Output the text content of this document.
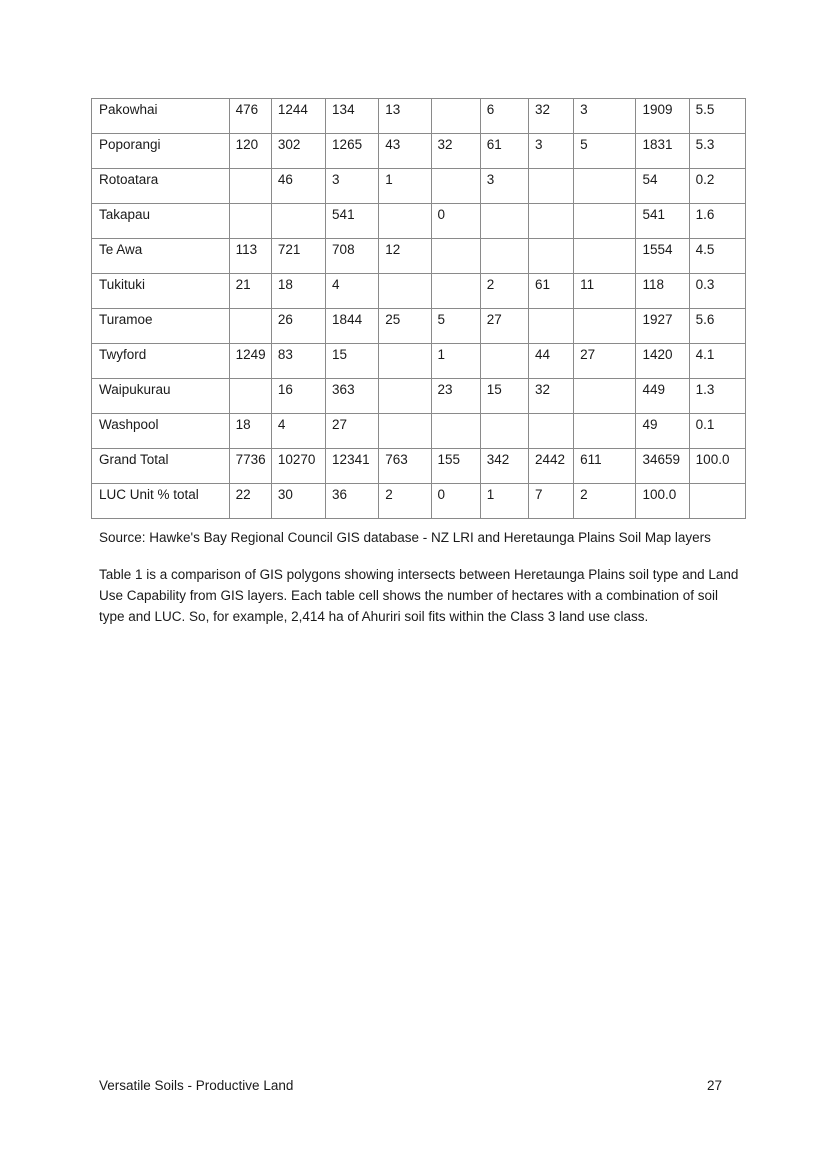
Pakowhai	476	1244	134	13		6	32	3	1909	5.5
Poporangi	120	302	1265	43	32	61	3	5	1831	5.3
Rotoatara		46	3	1		3			54	0.2
Takapau			541		0				541	1.6
Te Awa	113	721	708	12					1554	4.5
Tukituki	21	18	4			2	61	11	118	0.3
Turamoe		26	1844	25	5	27			1927	5.6
Twyford	1249	83	15		1		44	27	1420	4.1
Waipukurau		16	363		23	15	32		449	1.3
Washpool	18	4	27						49	0.1
Grand Total	7736	10270	12341	763	155	342	2442	611	34659	100.0
LUC Unit % total	22	30	36	2	0	1	7	2	100.0	

Source: Hawke's Bay Regional Council GIS database - NZ LRI and Heretaunga Plains Soil Map layers

Table 1 is a comparison of GIS polygons showing intersects between Heretaunga Plains soil type and Land Use Capability from GIS layers. Each table cell shows the number of hectares with a combination of soil type and LUC. So, for example, 2,414 ha of Ahuriri soil fits within the Class 3 land use class.

Versatile Soils - Productive Land	27
